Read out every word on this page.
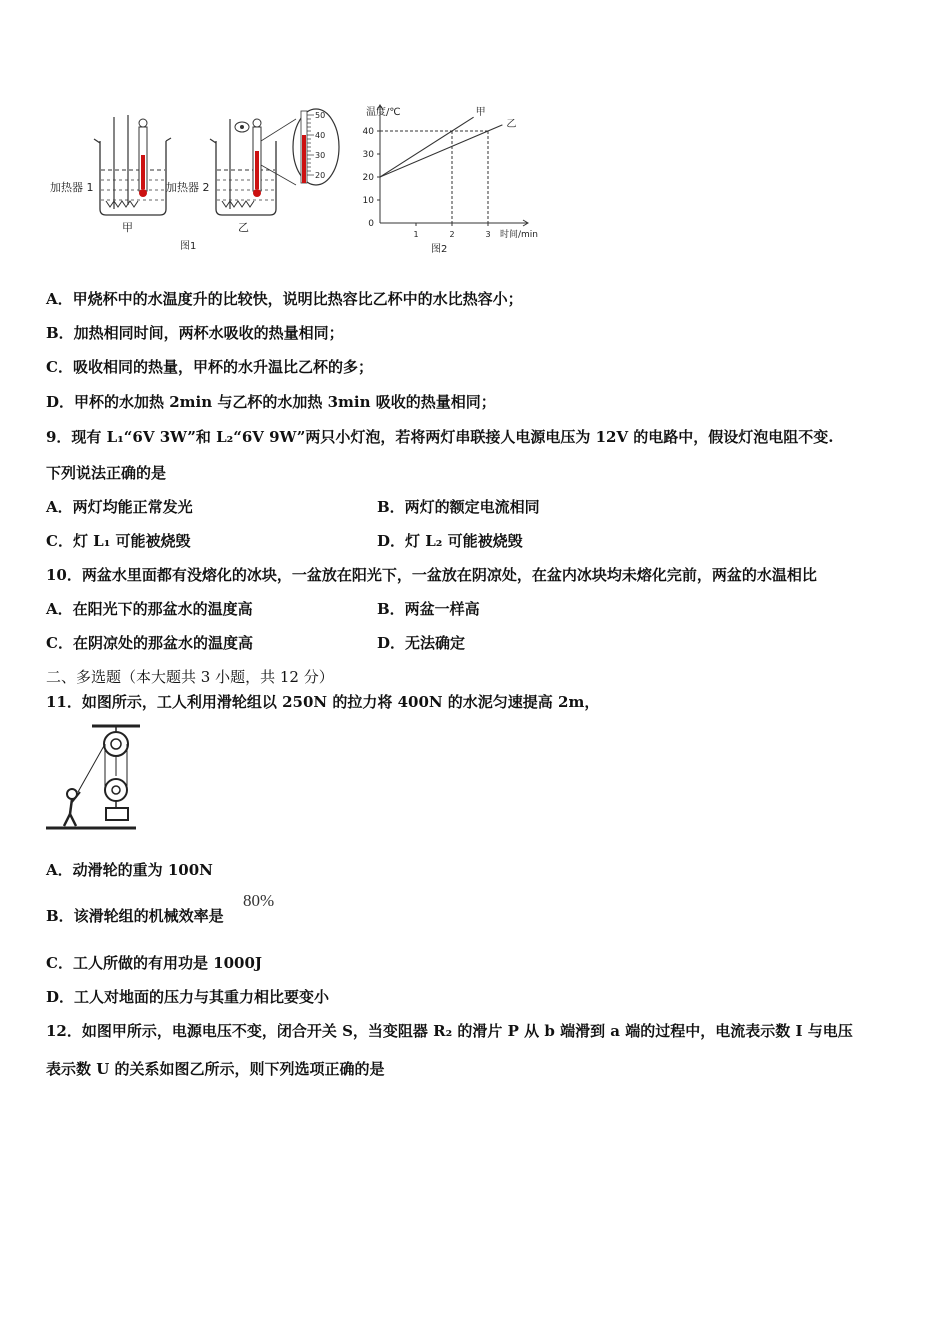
加热器 1
甲
加热器 2
乙
50
40
30
20
图1
0
10
20
30
40
1	2	3
温度/℃
时间/min
甲
乙
图2
A．甲烧杯中的水温度升的比较快，说明比热容比乙杯中的水比热容小；
B．加热相同时间，两杯水吸收的热量相同；
C．吸收相同的热量，甲杯的水升温比乙杯的多；
D．甲杯的水加热 2min 与乙杯的水加热 3min 吸收的热量相同；
9．现有 L₁“6V 3W”和 L₂“6V 9W”两只小灯泡，若将两灯串联接人电源电压为 12V 的电路中，假设灯泡电阻不变.
下列说法正确的是
A．两灯均能正常发光	B．两灯的额定电流相同
C．灯 L₁ 可能被烧毁	D．灯 L₂ 可能被烧毁
10．两盆水里面都有没熔化的冰块，一盆放在阳光下，一盆放在阴凉处，在盆内冰块均未熔化完前，两盆的水温相比
A．在阳光下的那盆水的温度高	B．两盆一样高
C．在阴凉处的那盆水的温度高	D．无法确定
二、多选题（本大题共 3 小题，共 12 分）
11．如图所示，工人利用滑轮组以 250N 的拉力将 400N 的水泥匀速提高 2m，
A．动滑轮的重为 100N
B．该滑轮组的机械效率是
80%
C．工人所做的有用功是 1000J
D．工人对地面的压力与其重力相比要变小
12．如图甲所示，电源电压不变，闭合开关 S，当变阻器 R₂ 的滑片 P 从 b 端滑到 a 端的过程中，电流表示数 I 与电压
表示数 U 的关系如图乙所示，则下列选项正确的是
